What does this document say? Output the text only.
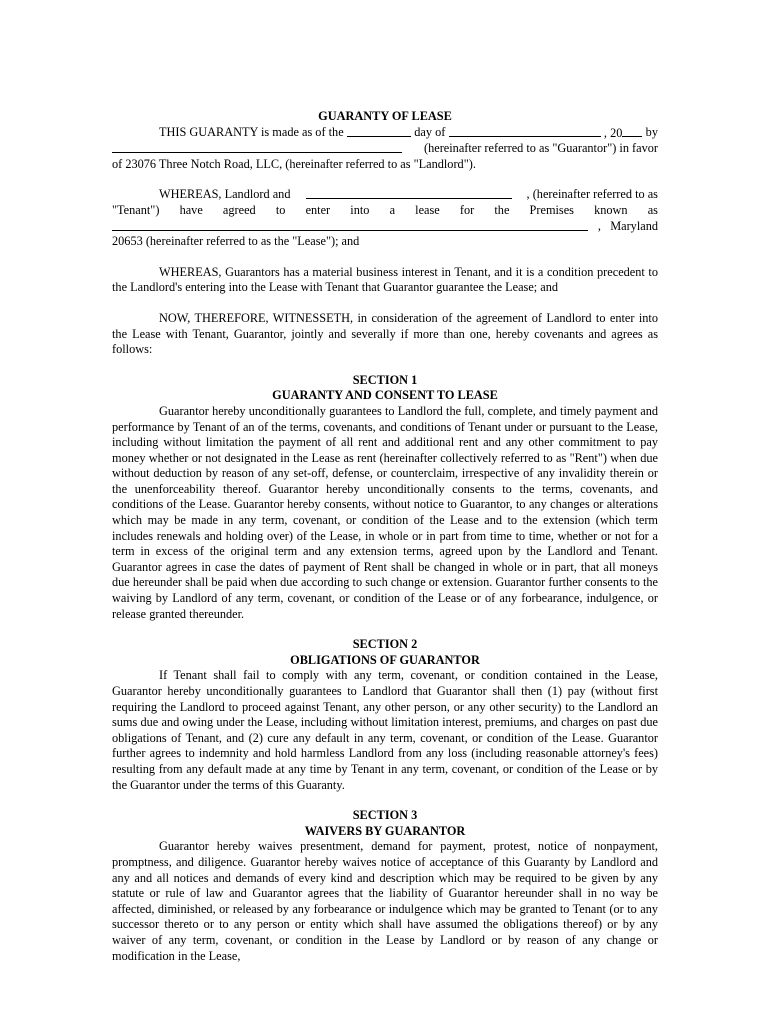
GUARANTY OF LEASE
THIS GUARANTY is made as of the	day of	, 20	by
(hereinafter referred to as "Guarantor") in favor

of 23076 Three Notch Road, LLC, (hereinafter referred to as "Landlord").

WHEREAS, Landlord and	, (hereinafter referred to as
"Tenant") have agreed to enter into a lease for the Premises known as
,   Maryland

20653 (hereinafter referred to as the "Lease"); and

WHEREAS, Guarantors has a material business interest in Tenant, and it is a condition precedent to the Landlord's entering into the Lease with Tenant that Guarantor guarantee the Lease; and

NOW, THEREFORE, WITNESSETH, in consideration of the agreement of Landlord to enter into the Lease with Tenant, Guarantor, jointly and severally if more than one, hereby covenants and agrees as follows:

SECTION 1
GUARANTY AND CONSENT TO LEASE

Guarantor hereby unconditionally guarantees to Landlord the full, complete, and timely payment and performance by Tenant of an of the terms, covenants, and conditions of Tenant under or pursuant to the Lease, including without limitation the payment of all rent and additional rent and any other commitment to pay money whether or not designated in the Lease as rent (hereinafter collectively referred to as "Rent") when due without deduction by reason of any set-off, defense, or counterclaim, irrespective of any invalidity therein or the unenforceability thereof. Guarantor hereby unconditionally consents to the terms, covenants, and conditions of the Lease. Guarantor hereby consents, without notice to Guarantor, to any changes or alterations which may be made in any term, covenant, or condition of the Lease and to the extension (which term includes renewals and holding over) of the Lease, in whole or in part from time to time, whether or not for a term in excess of the original term and any extension terms, agreed upon by the Landlord and Tenant. Guarantor agrees in case the dates of payment of Rent shall be changed in whole or in part, that all moneys due hereunder shall be paid when due according to such change or extension. Guarantor further consents to the waiving by Landlord of any term, covenant, or condition of the Lease or of any forbearance, indulgence, or release granted thereunder.

SECTION 2
OBLIGATIONS OF GUARANTOR

If Tenant shall fail to comply with any term, covenant, or condition contained in the Lease, Guarantor hereby unconditionally guarantees to Landlord that Guarantor shall then (1) pay (without first requiring the Landlord to proceed against Tenant, any other person, or any other security) to the Landlord an sums due and owing under the Lease, including without limitation interest, premiums, and charges on past due obligations of Tenant, and (2) cure any default in any term, covenant, or condition of the Lease. Guarantor further agrees to indemnity and hold harmless Landlord from any loss (including reasonable attorney's fees) resulting from any default made at any time by Tenant in any term, covenant, or condition of the Lease or by the Guarantor under the terms of this Guaranty.

SECTION 3
WAIVERS BY GUARANTOR

Guarantor hereby waives presentment, demand for payment, protest, notice of nonpayment, promptness, and diligence. Guarantor hereby waives notice of acceptance of this Guaranty by Landlord and any and all notices and demands of every kind and description which may be required to be given by any statute or rule of law and Guarantor agrees that the liability of Guarantor hereunder shall in no way be affected, diminished, or released by any forbearance or indulgence which may be granted to Tenant (or to any successor thereto or to any person or entity which shall have assumed the obligations thereof) or by any waiver of any term, covenant, or condition in the Lease by Landlord or by reason of any change or modification in the Lease,
